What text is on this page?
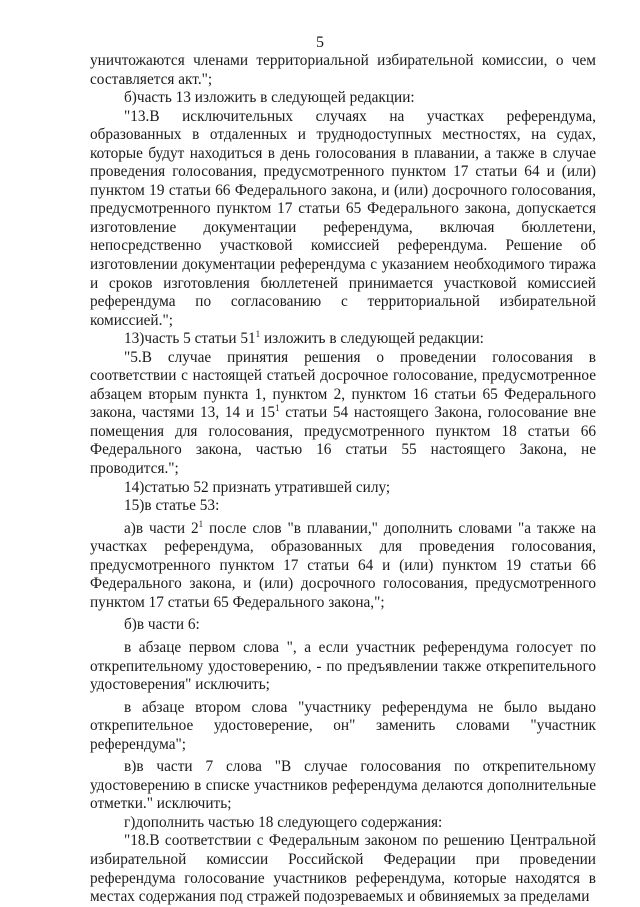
5

уничтожаются членами территориальной избирательной комиссии, о чем составляется акт.";

б)часть 13 изложить в следующей редакции:

"13.В исключительных случаях на участках референдума, образованных в отдаленных и труднодоступных местностях, на судах, которые будут находиться в день голосования в плавании, а также в случае проведения голосования, предусмотренного пунктом 17 статьи 64 и (или) пунктом 19 статьи 66 Федерального закона, и (или) досрочного голосования, предусмотренного пунктом 17 статьи 65 Федерального закона, допускается изготовление документации референдума, включая бюллетени, непосредственно участковой комиссией референдума. Решение об изготовлении документации референдума с указанием необходимого тиража и сроков изготовления бюллетеней принимается участковой комиссией референдума по согласованию с территориальной избирательной комиссией.";

13)часть 5 статьи $51^1$ изложить в следующей редакции:

"5.В случае принятия решения о проведении голосования в соответствии с настоящей статьей досрочное голосование, предусмотренное абзацем вторым пункта 1, пунктом 2, пунктом 16 статьи 65 Федерального закона, частями 13, 14 и $15^1$ статьи 54 настоящего Закона, голосование вне помещения для голосования, предусмотренного пунктом 18 статьи 66 Федерального закона, частью 16 статьи 55 настоящего Закона, не проводится.";

14)статью 52 признать утратившей силу;

15)в статье 53:

а)в части $2^1$ после слов "в плавании," дополнить словами "а также на участках референдума, образованных для проведения голосования, предусмотренного пунктом 17 статьи 64 и (или) пунктом 19 статьи 66 Федерального закона, и (или) досрочного голосования, предусмотренного пунктом 17 статьи 65 Федерального закона,";

б)в части 6:

в абзаце первом слова ", а если участник референдума голосует по открепительному удостоверению, - по предъявлении также открепительного удостоверения" исключить;

в абзаце втором слова "участнику референдума не было выдано открепительное удостоверение, он" заменить словами "участник референдума";

в)в части 7 слова "В случае голосования по открепительному удостоверению в списке участников референдума делаются дополнительные отметки." исключить;

г)дополнить частью 18 следующего содержания:

"18.В соответствии с Федеральным законом по решению Центральной избирательной комиссии Российской Федерации при проведении референдума голосование участников референдума, которые находятся в местах содержания под стражей подозреваемых и обвиняемых за пределами
